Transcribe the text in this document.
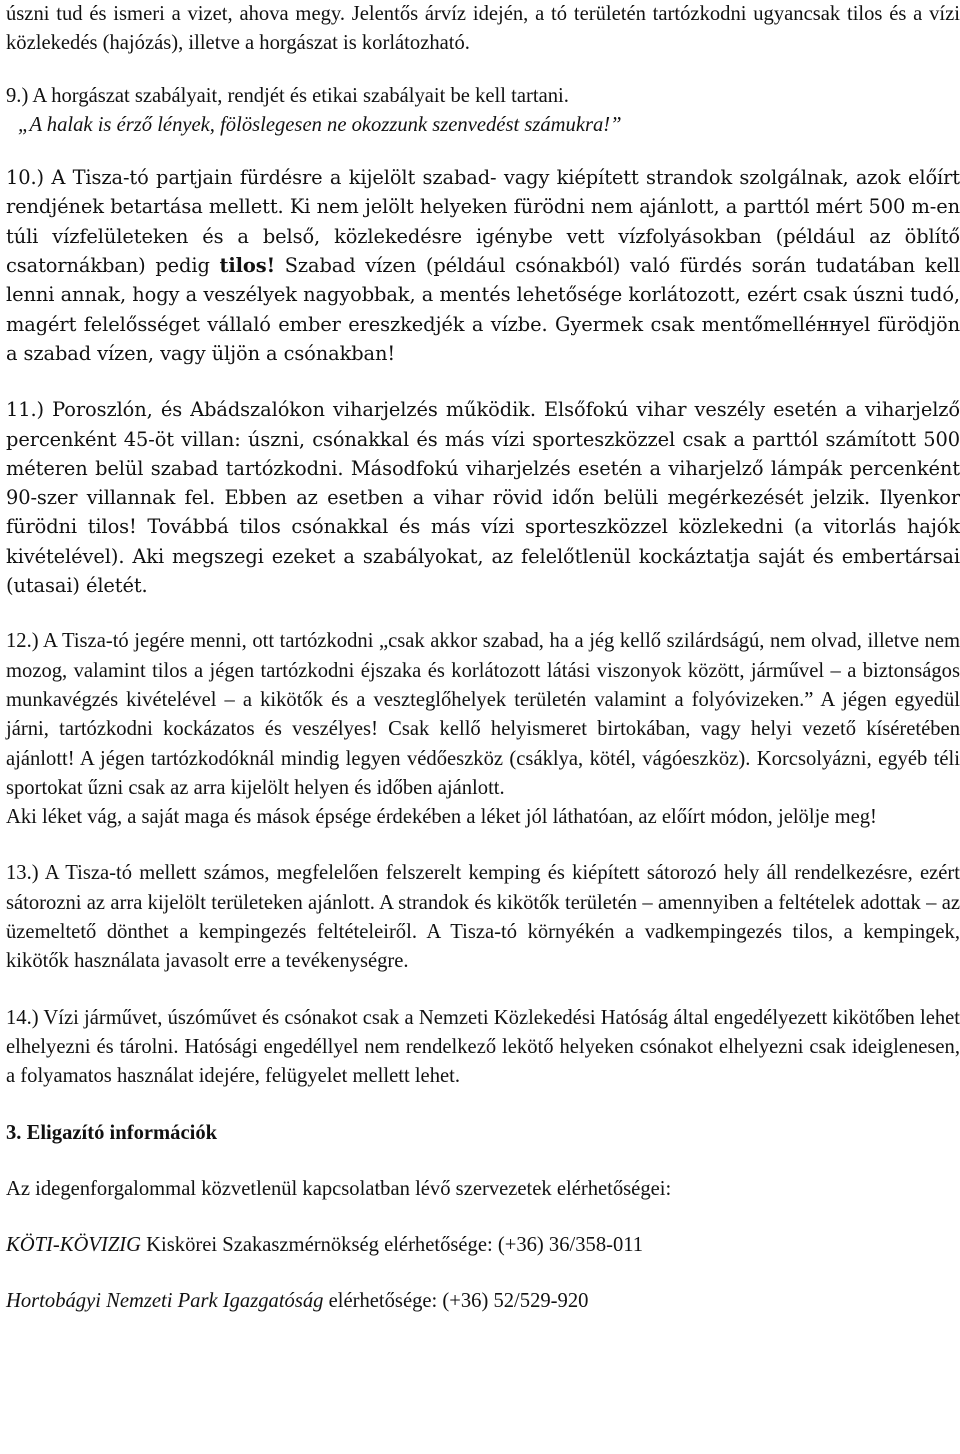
úszni tud és ismeri a vizet, ahova megy. Jelentős árvíz idején, a tó területén tartózkodni ugyancsak tilos és a vízi közlekedés (hajózás), illetve a horgászat is korlátozható.

9.) A horgászat szabályait, rendjét és etikai szabályait be kell tartani.

„A halak is érző lények, fölöslegesen ne okozzunk szenvedést számukra!”

10.) A Tisza-tó partjain fürdésre a kijelölt szabad- vagy kiépített strandok szolgálnak, azok előírt rendjének betartása mellett. Ki nem jelölt helyeken fürödni nem ajánlott, a parttól mért 500 m-en túli vízfelületeken és a belső, közlekedésre igénybe vett vízfolyásokban (például az öblítő csatornákban) pedig tilos! Szabad vízen (például csónakból) való fürdés során tudatában kell lenni annak, hogy a veszélyek nagyobbak, a mentés lehetősége korlátozott, ezért csak úszni tudó, magért felelősséget vállaló ember ereszkedjék a vízbe. Gyermek csak mentőmelléннyel fürödjön a szabad vízen, vagy üljön a csónakban!

11.) Poroszlón, és Abádszalókon viharjelzés működik. Elsőfokú vihar veszély esetén a viharjelző percenként 45-öt villan: úszni, csónakkal és más vízi sporteszközzel csak a parttól számított 500 méteren belül szabad tartózkodni. Másodfokú viharjelzés esetén a viharjelző lámpák percenként 90-szer villannak fel. Ebben az esetben a vihar rövid időn belüli megérkezését jelzik. Ilyenkor fürödni tilos! Továbbá tilos csónakkal és más vízi sporteszközzel közlekedni (a vitorlás hajók kivételével). Aki megszegi ezeket a szabályokat, az felelőtlenül kockáztatja saját és embertársai (utasai) életét.

12.) A Tisza-tó jegére menni, ott tartózkodni „csak akkor szabad, ha a jég kellő szilárdságú, nem olvad, illetve nem mozog, valamint tilos a jégen tartózkodni éjszaka és korlátozott látási viszonyok között, járművel – a biztonságos munkavégzés kivételével – a kikötők és a veszteglőhelyek területén valamint a folyóvizeken.” A jégen egyedül járni, tartózkodni kockázatos és veszélyes! Csak kellő helyismeret birtokában, vagy helyi vezető kíséretében ajánlott! A jégen tartózkodóknál mindig legyen védőeszköz (csáklya, kötél, vágóeszköz). Korcsolyázni, egyéb téli sportokat űzni csak az arra kijelölt helyen és időben ajánlott.

Aki léket vág, a saját maga és mások épsége érdekében a léket jól láthatóan, az előírt módon, jelölje meg!

13.) A Tisza-tó mellett számos, megfelelően felszerelt kemping és kiépített sátorozó hely áll rendelkezésre, ezért sátorozni az arra kijelölt területeken ajánlott. A strandok és kikötők területén – amennyiben a feltételek adottak – az üzemeltető dönthet a kempingezés feltételeiről. A Tisza-tó környékén a vadkempingezés tilos, a kempingek, kikötők használata javasolt erre a tevékenységre.

14.) Vízi járművet, úszóművet és csónakot csak a Nemzeti Közlekedési Hatóság által engedélyezett kikötőben lehet elhelyezni és tárolni. Hatósági engedéllyel nem rendelkező lekötő helyeken csónakot elhelyezni csak ideiglenesen, a folyamatos használat idejére, felügyelet mellett lehet.

3. Eligazító információk

Az idegenforgalommal közvetlenül kapcsolatban lévő szervezetek elérhetőségei:

KÖTI-KÖVIZIG Kiskörei Szakaszmérnökség elérhetősége: (+36) 36/358-011

Hortobágyi Nemzeti Park Igazgatóság elérhetősége: (+36) 52/529-920
